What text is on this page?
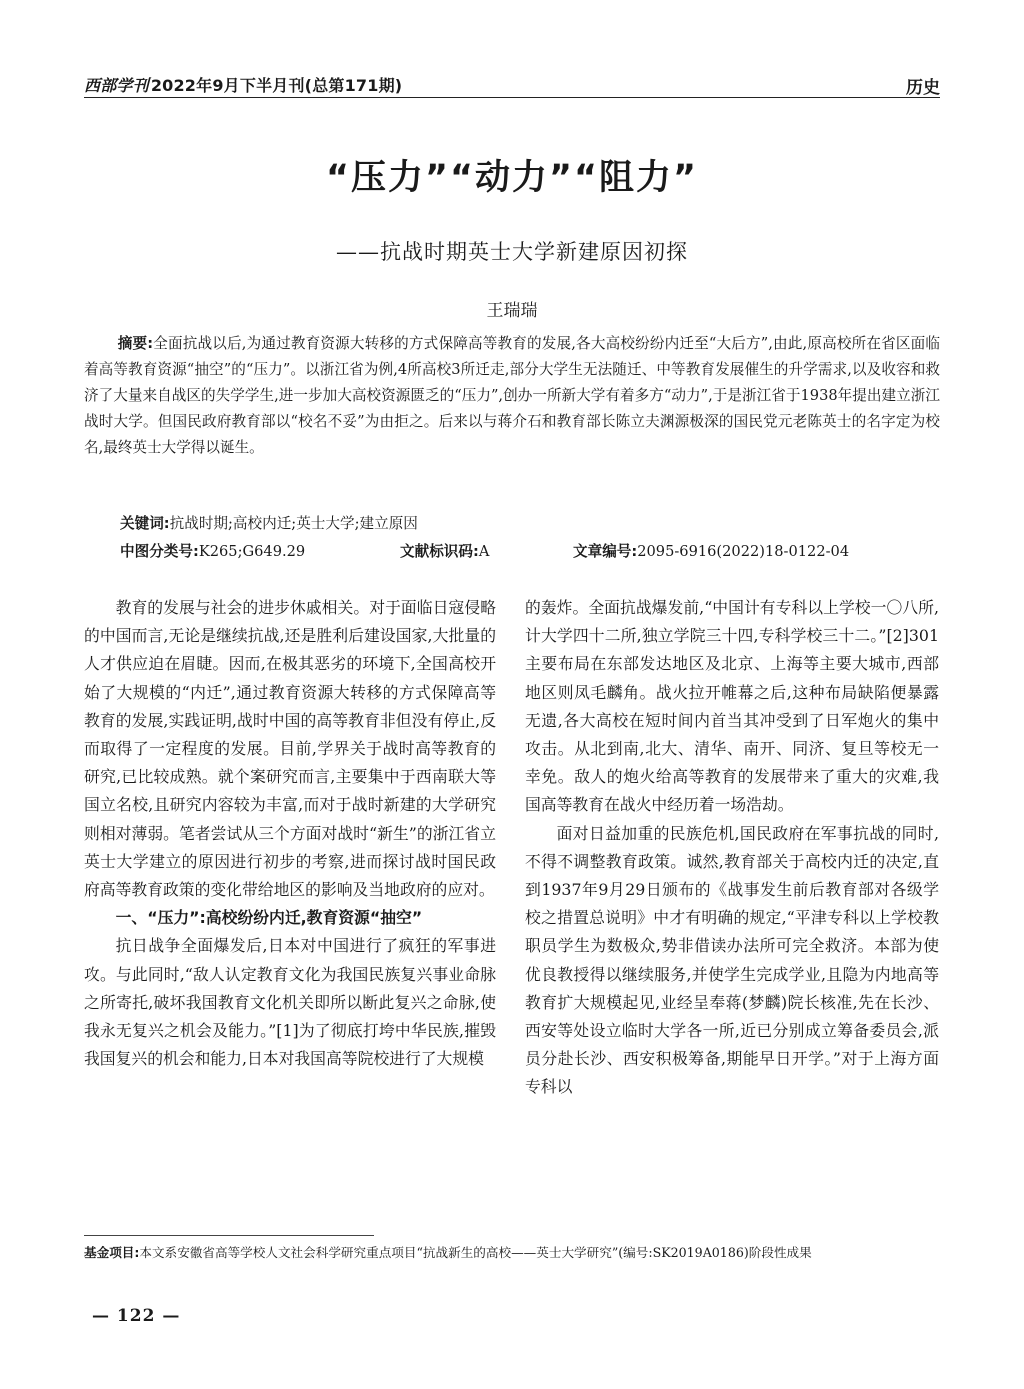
西部学刊 2022年9月下半月刊(总第171期)	历史
“压力”“动力”“阻力”
——抗战时期英士大学新建原因初探
王瑞瑞
摘要:全面抗战以后,为通过教育资源大转移的方式保障高等教育的发展,各大高校纷纷内迁至“大后方”,由此,原高校所在省区面临着高等教育资源“抽空”的“压力”。以浙江省为例,4所高校3所迁走,部分大学生无法随迁、中等教育发展催生的升学需求,以及收容和救济了大量来自战区的失学学生,进一步加大高校资源匮乏的“压力”,创办一所新大学有着多方“动力”,于是浙江省于1938年提出建立浙江战时大学。但国民政府教育部以“校名不妥”为由拒之。后来以与蒋介石和教育部长陈立夫渊源极深的国民党元老陈英士的名字定为校名,最终英士大学得以诞生。
关键词:抗战时期;高校内迁;英士大学;建立原因
中图分类号:K265;G649.29	文献标识码:A	文章编号:2095-6916(2022)18-0122-04

教育的发展与社会的进步休戚相关。对于面临日寇侵略的中国而言,无论是继续抗战,还是胜利后建设国家,大批量的人才供应迫在眉睫。因而,在极其恶劣的环境下,全国高校开始了大规模的“内迁”,通过教育资源大转移的方式保障高等教育的发展,实践证明,战时中国的高等教育非但没有停止,反而取得了一定程度的发展。目前,学界关于战时高等教育的研究,已比较成熟。就个案研究而言,主要集中于西南联大等国立名校,且研究内容较为丰富,而对于战时新建的大学研究则相对薄弱。笔者尝试从三个方面对战时“新生”的浙江省立英士大学建立的原因进行初步的考察,进而探讨战时国民政府高等教育政策的变化带给地区的影响及当地政府的应对。

一、“压力”:高校纷纷内迁,教育资源“抽空”

抗日战争全面爆发后,日本对中国进行了疯狂的军事进攻。与此同时,“敌人认定教育文化为我国民族复兴事业命脉之所寄托,破坏我国教育文化机关即所以断此复兴之命脉,使我永无复兴之机会及能力。”[1]为了彻底打垮中华民族,摧毁我国复兴的机会和能力,日本对我国高等院校进行了大规模

的轰炸。全面抗战爆发前,“中国计有专科以上学校一〇八所,计大学四十二所,独立学院三十四,专科学校三十二。”[2]301 主要布局在东部发达地区及北京、上海等主要大城市,西部地区则凤毛麟角。战火拉开帷幕之后,这种布局缺陷便暴露无遗,各大高校在短时间内首当其冲受到了日军炮火的集中攻击。从北到南,北大、清华、南开、同济、复旦等校无一幸免。敌人的炮火给高等教育的发展带来了重大的灾难,我国高等教育在战火中经历着一场浩劫。

面对日益加重的民族危机,国民政府在军事抗战的同时,不得不调整教育政策。诚然,教育部关于高校内迁的决定,直到1937年9月29日颁布的《战事发生前后教育部对各级学校之措置总说明》中才有明确的规定,“平津专科以上学校教职员学生为数极众,势非借读办法所可完全救济。本部为使优良教授得以继续服务,并使学生完成学业,且隐为内地高等教育扩大规模起见,业经呈奉蒋(梦麟)院长核准,先在长沙、西安等处设立临时大学各一所,近已分别成立筹备委员会,派员分赴长沙、西安积极筹备,期能早日开学。”对于上海方面专科以

基金项目:本文系安徽省高等学校人文社会科学研究重点项目“抗战新生的高校——英士大学研究”(编号:SK2019A0186)阶段性成果
— 122 —
